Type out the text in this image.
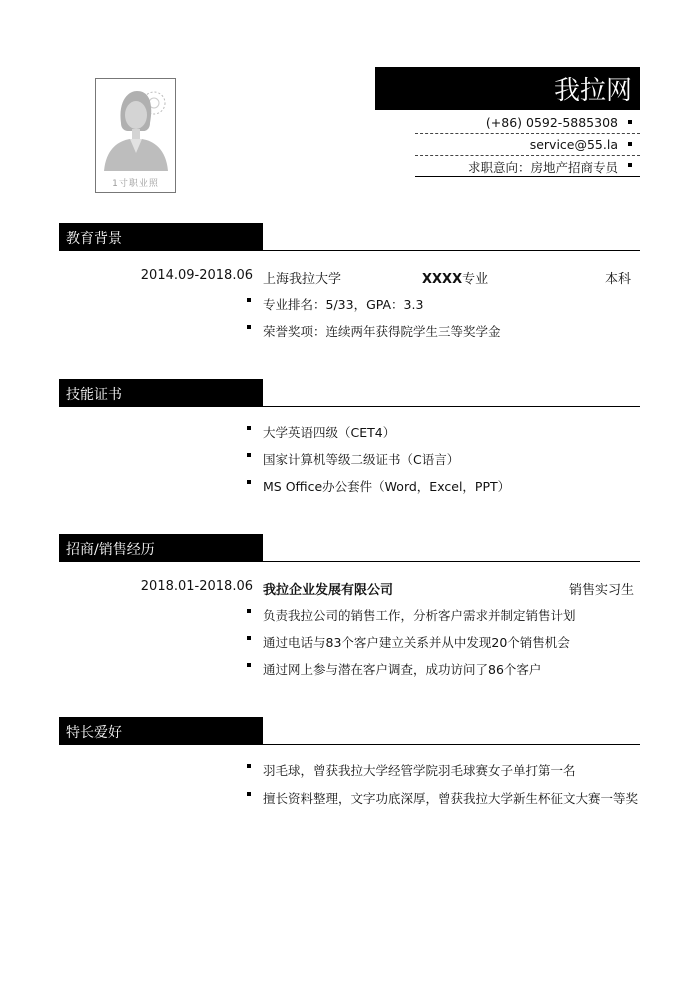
1寸职业照
我拉网
(+86) 0592-5885308
service@55.la
求职意向：房地产招商专员
教育背景
2014.09-2018.06 上海我拉大学	XXXX专业	本科
专业排名：5/33，GPA：3.3
荣誉奖项：连续两年获得院学生三等奖学金
技能证书
大学英语四级（CET4）
国家计算机等级二级证书（C语言）
MS Office办公套件（Word，Excel，PPT）
招商/销售经历
2018.01-2018.06 我拉企业发展有限公司	销售实习生
负责我拉公司的销售工作，分析客户需求并制定销售计划
通过电话与83个客户建立关系并从中发现20个销售机会
通过网上参与潜在客户调查，成功访问了86个客户
特长爱好
羽毛球，曾获我拉大学经管学院羽毛球赛女子单打第一名
擅长资料整理，文字功底深厚，曾获我拉大学新生杯征文大赛一等奖
